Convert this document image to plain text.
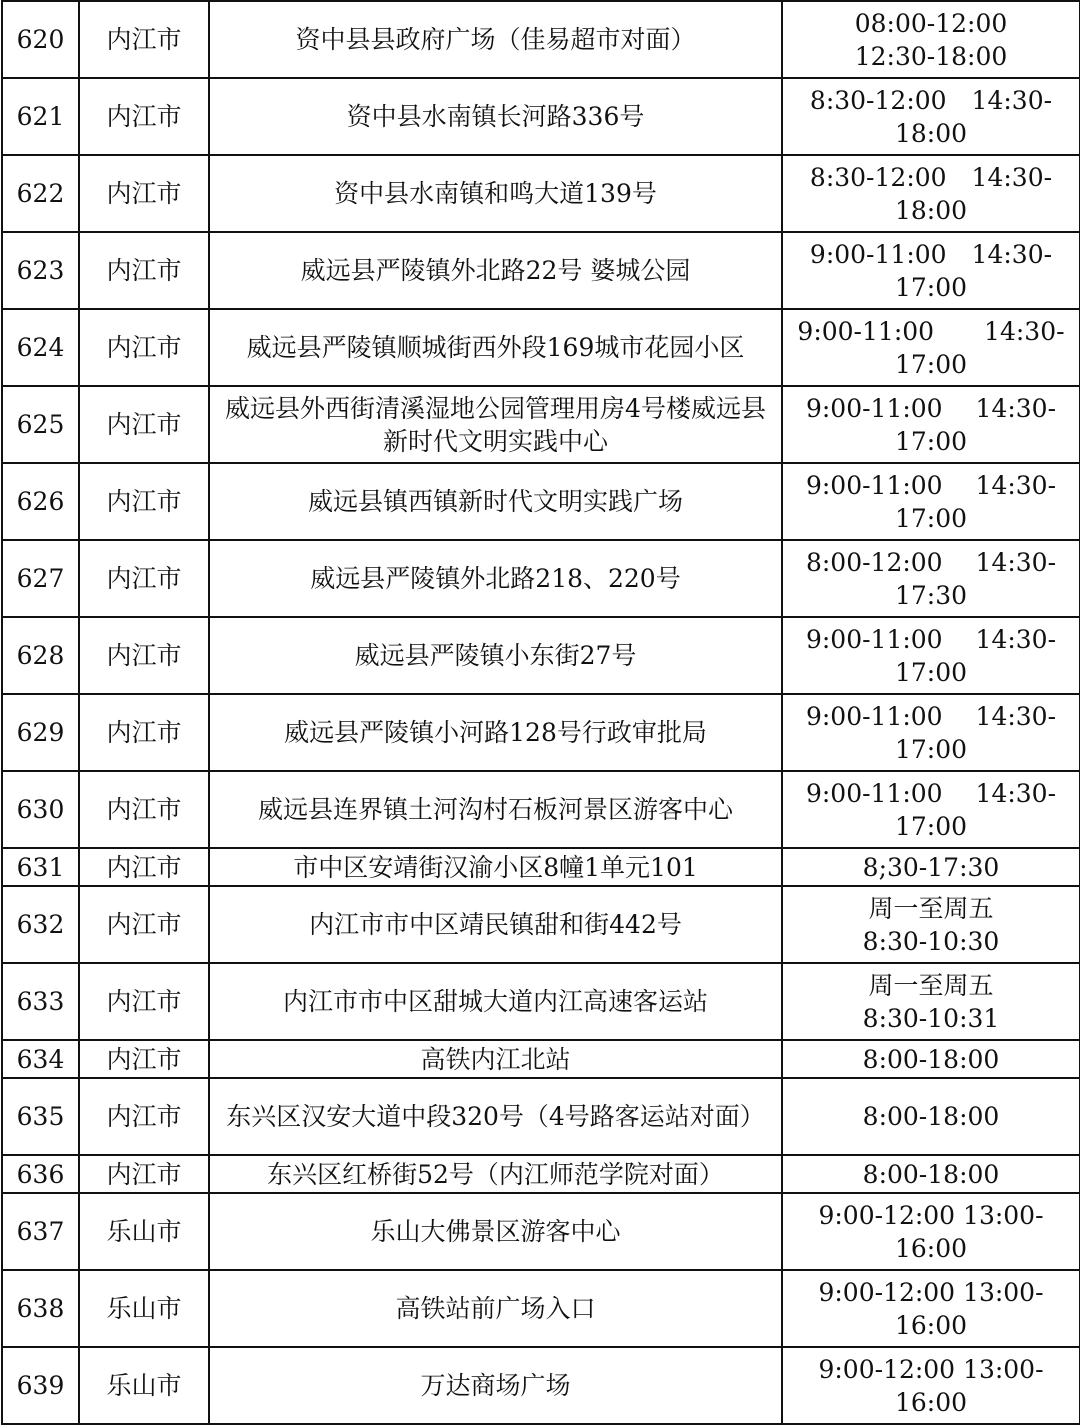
620	内江市	资中县县政府广场（佳易超市对面）	08:00-12:00
12:30-18:00
621	内江市	资中县水南镇长河路336号	8:30-12:00　14:30-
18:00
622	内江市	资中县水南镇和鸣大道139号	8:30-12:00　14:30-
18:00
623	内江市	威远县严陵镇外北路22号 婆城公园	9:00-11:00　14:30-
17:00
624	内江市	威远县严陵镇顺城街西外段169城市花园小区	9:00-11:00　　14:30-
17:00
625	内江市	威远县外西街清溪湿地公园管理用房4号楼威远县新时代文明实践中心	9:00-11:00　 14:30-
17:00
626	内江市	威远县镇西镇新时代文明实践广场	9:00-11:00　 14:30-
17:00
627	内江市	威远县严陵镇外北路218、220号	8:00-12:00　 14:30-
17:30
628	内江市	威远县严陵镇小东街27号	9:00-11:00　 14:30-
17:00
629	内江市	威远县严陵镇小河路128号行政审批局	9:00-11:00　 14:30-
17:00
630	内江市	威远县连界镇土河沟村石板河景区游客中心	9:00-11:00　 14:30-
17:00
631	内江市	市中区安靖街汉渝小区8幢1单元101	8;30-17:30
632	内江市	内江市市中区靖民镇甜和街442号	周一至周五
8:30-10:30
633	内江市	内江市市中区甜城大道内江高速客运站	周一至周五
8:30-10:31
634	内江市	高铁内江北站	8:00-18:00
635	内江市	东兴区汉安大道中段320号（4号路客运站对面）	8:00-18:00
636	内江市	东兴区红桥街52号（内江师范学院对面）	8:00-18:00
637	乐山市	乐山大佛景区游客中心	9:00-12:00 13:00-
16:00
638	乐山市	高铁站前广场入口	9:00-12:00 13:00-
16:00
639	乐山市	万达商场广场	9:00-12:00 13:00-
16:00
